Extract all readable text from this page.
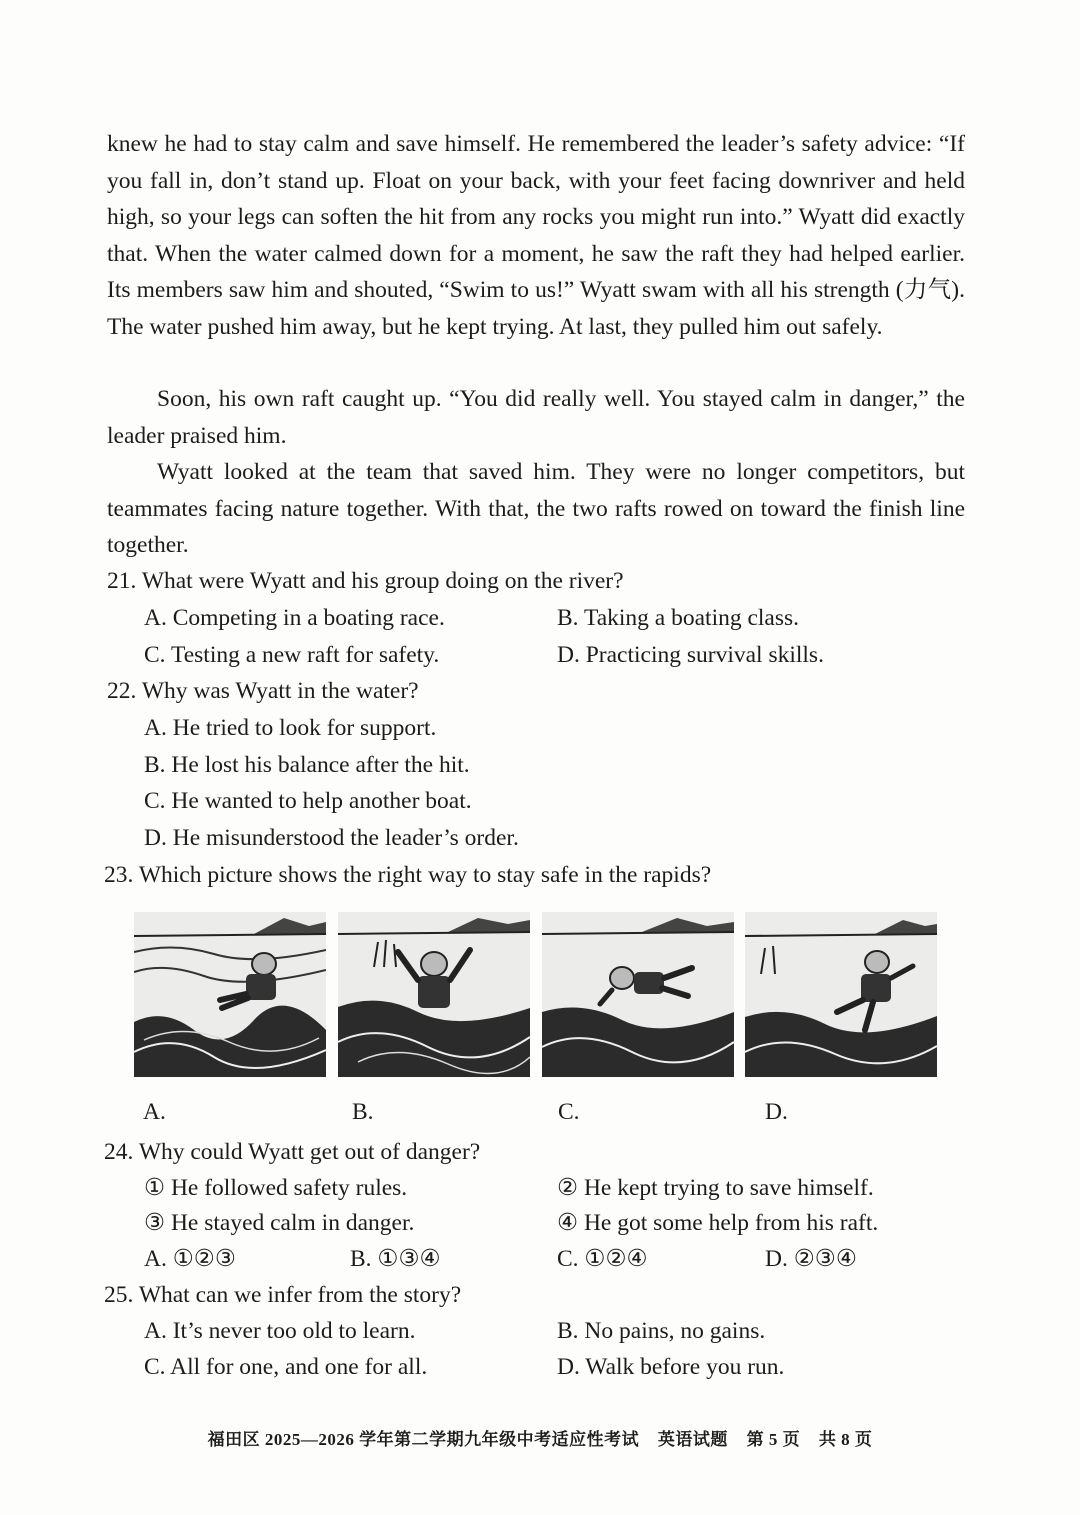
knew he had to stay calm and save himself. He remembered the leader’s safety advice: “If you fall in, don’t stand up. Float on your back, with your feet facing downriver and held high, so your legs can soften the hit from any rocks you might run into.” Wyatt did exactly that. When the water calmed down for a moment, he saw the raft they had helped earlier. Its members saw him and shouted, “Swim to us!” Wyatt swam with all his strength (力气). The water pushed him away, but he kept trying. At last, they pulled him out safely.

Soon, his own raft caught up. “You did really well. You stayed calm in danger,” the leader praised him.

Wyatt looked at the team that saved him. They were no longer competitors, but teammates facing nature together. With that, the two rafts rowed on toward the finish line together.

21. What were Wyatt and his group doing on the river?
A. Competing in a boating race.	B. Taking a boating class.
C. Testing a new raft for safety.	D. Practicing survival skills.
22. Why was Wyatt in the water?
A. He tried to look for support.
B. He lost his balance after the hit.
C. He wanted to help another boat.
D. He misunderstood the leader’s order.
23. Which picture shows the right way to stay safe in the rapids?
A.	B.	C.	D.
24. Why could Wyatt get out of danger?
① He followed safety rules.	② He kept trying to save himself.
③ He stayed calm in danger.	④ He got some help from his raft.
A. ①②③	B. ①③④	C. ①②④	D. ②③④
25. What can we infer from the story?
A. It’s never too old to learn.	B. No pains, no gains.
C. All for one, and one for all.	D. Walk before you run.
福田区 2025—2026 学年第二学期九年级中考适应性考试 英语试题 第 5 页 共 8 页
